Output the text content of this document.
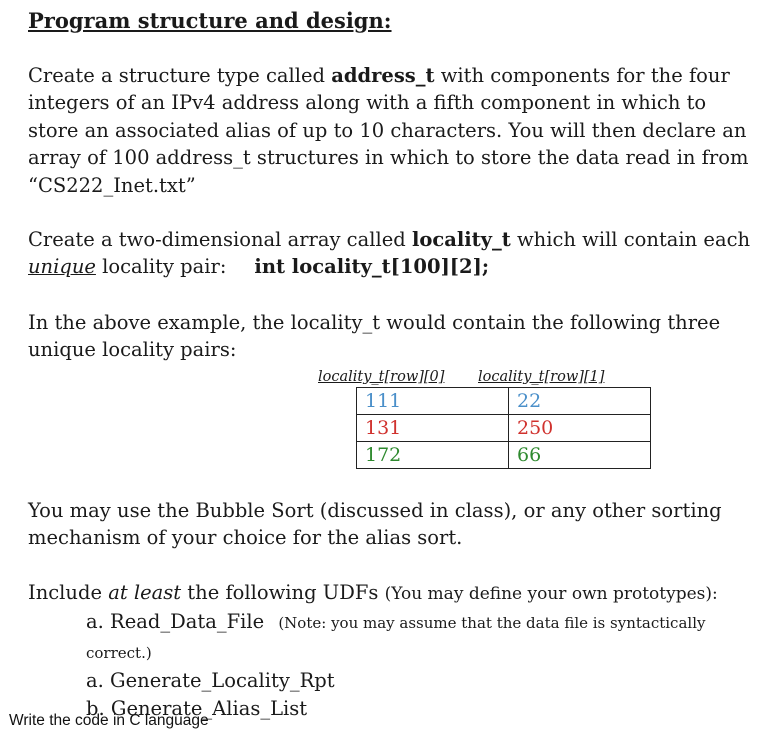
Program structure and design:

Create a structure type called address_t with components for the four integers of an IPv4 address along with a fifth component in which to store an associated alias of up to 10 characters. You will then declare an array of 100 address_t structures in which to store the data read in from “CS222_Inet.txt”

Create a two-dimensional array called locality_t which will contain each
unique locality pair: int locality_t[100][2];

In the above example, the locality_t would contain the following three unique locality pairs:

locality_t[row][0]	locality_t[row][1]
111	22
131	250
172	66

You may use the Bubble Sort (discussed in class), or any other sorting mechanism of your choice for the alias sort.

Include at least the following UDFs (You may define your own prototypes):
a. Read_Data_File (Note: you may assume that the data file is syntactically correct.)
a. Generate_Locality_Rpt
b. Generate_Alias_List
Write the code in C language
